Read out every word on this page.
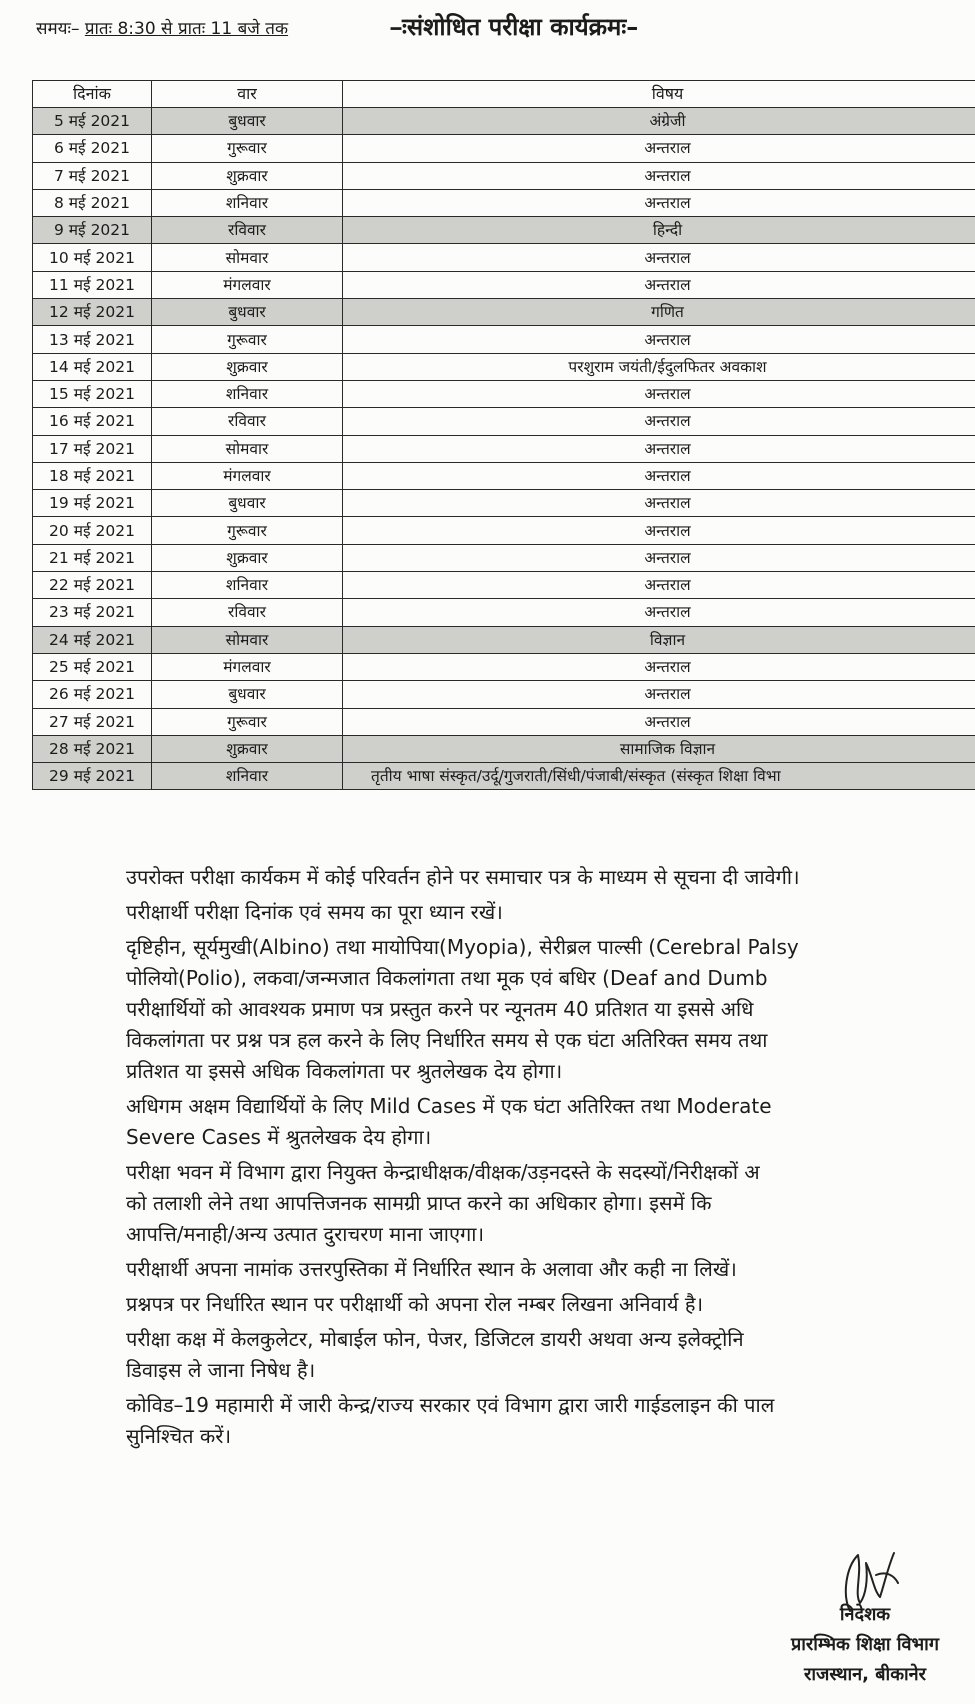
समयः– प्रातः 8:30 से प्रातः 11 बजे तक	–ःसंशोधित परीक्षा कार्यक्रमः–
दिनांक	वार	विषय
5 मई 2021	बुधवार	अंग्रेजी
6 मई 2021	गुरूवार	अन्तराल
7 मई 2021	शुक्रवार	अन्तराल
8 मई 2021	शनिवार	अन्तराल
9 मई 2021	रविवार	हिन्दी
10 मई 2021	सोमवार	अन्तराल
11 मई 2021	मंगलवार	अन्तराल
12 मई 2021	बुधवार	गणित
13 मई 2021	गुरूवार	अन्तराल
14 मई 2021	शुक्रवार	परशुराम जयंती/ईदुलफितर अवकाश
15 मई 2021	शनिवार	अन्तराल
16 मई 2021	रविवार	अन्तराल
17 मई 2021	सोमवार	अन्तराल
18 मई 2021	मंगलवार	अन्तराल
19 मई 2021	बुधवार	अन्तराल
20 मई 2021	गुरूवार	अन्तराल
21 मई 2021	शुक्रवार	अन्तराल
22 मई 2021	शनिवार	अन्तराल
23 मई 2021	रविवार	अन्तराल
24 मई 2021	सोमवार	विज्ञान
25 मई 2021	मंगलवार	अन्तराल
26 मई 2021	बुधवार	अन्तराल
27 मई 2021	गुरूवार	अन्तराल
28 मई 2021	शुक्रवार	सामाजिक विज्ञान
29 मई 2021	शनिवार	तृतीय भाषा संस्कृत/उर्दू/गुजराती/सिंधी/पंजाबी/संस्कृत (संस्कृत शिक्षा विभा
1. उपरोक्त परीक्षा कार्यकम में कोई परिवर्तन होने पर समाचार पत्र के माध्यम से सूचना दी जावेगी।
2. परीक्षार्थी परीक्षा दिनांक एवं समय का पूरा ध्यान रखें।
3. दृष्टिहीन, सूर्यमुखी(Albino) तथा मायोपिया(Myopia), सेरीब्रल पाल्सी (Cerebral Palsy
पोलियो(Polio), लकवा/जन्मजात विकलांगता तथा मूक एवं बधिर (Deaf and Dumb
परीक्षार्थियों को आवश्यक प्रमाण पत्र प्रस्तुत करने पर न्यूनतम 40 प्रतिशत या इससे अधि
विकलांगता पर प्रश्न पत्र हल करने के लिए निर्धारित समय से एक घंटा अतिरिक्त समय तथा
प्रतिशत या इससे अधिक विकलांगता पर श्रुतलेखक देय होगा।
4. अधिगम अक्षम विद्यार्थियों के लिए Mild Cases में एक घंटा अतिरिक्त तथा Moderate
Severe Cases में श्रुतलेखक देय होगा।
5. परीक्षा भवन में विभाग द्वारा नियुक्त केन्द्राधीक्षक/वीक्षक/उड़नदस्ते के सदस्यों/निरीक्षकों अ
को तलाशी लेने तथा आपत्तिजनक सामग्री प्राप्त करने का अधिकार होगा। इसमें कि
आपत्ति/मनाही/अन्य उत्पात दुराचरण माना जाएगा।
6. परीक्षार्थी अपना नामांक उत्तरपुस्तिका में निर्धारित स्थान के अलावा और कही ना लिखें।
7. प्रश्नपत्र पर निर्धारित स्थान पर परीक्षार्थी को अपना रोल नम्बर लिखना अनिवार्य है।
8. परीक्षा कक्ष में केलकुलेटर, मोबाईल फोन, पेजर, डिजिटल डायरी अथवा अन्य इलेक्ट्रोनि
डिवाइस ले जाना निषेध है।
9. कोविड–19 महामारी में जारी केन्द्र/राज्य सरकार एवं विभाग द्वारा जारी गाईडलाइन की पाल
सुनिश्चित करें।
निदेशक
प्रारम्भिक शिक्षा विभाग
राजस्थान, बीकानेर
